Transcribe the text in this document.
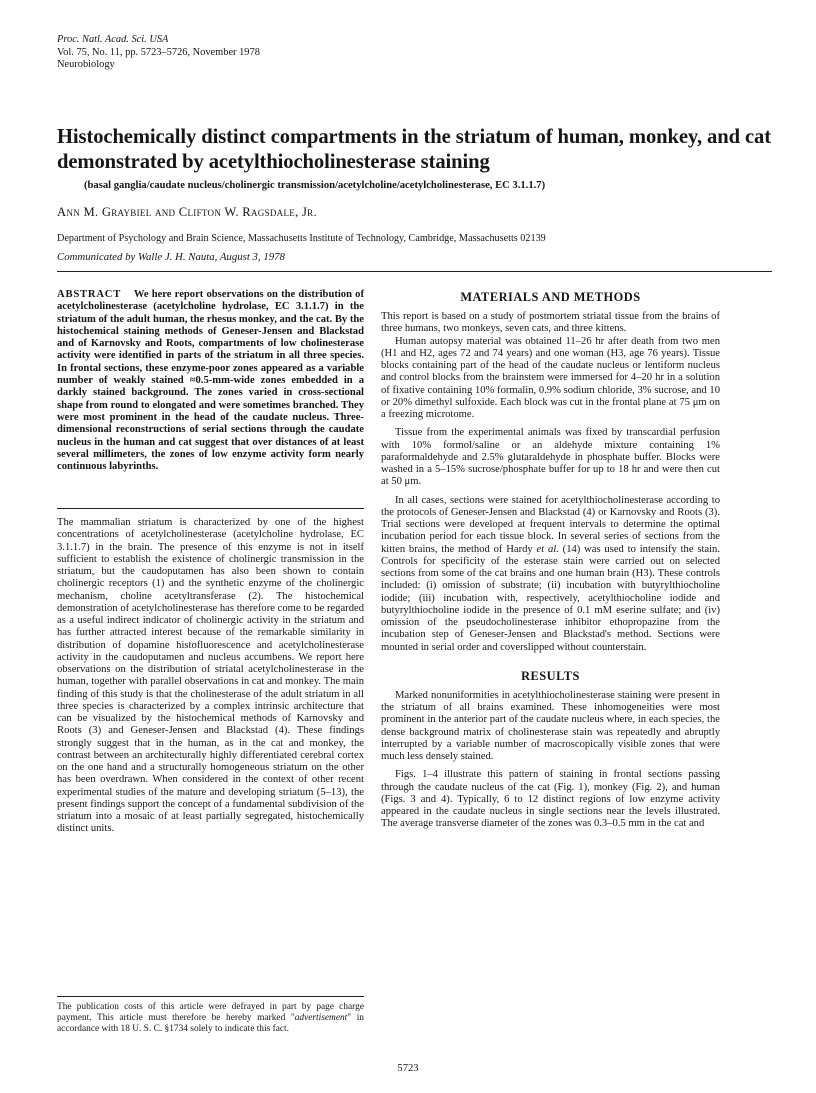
Proc. Natl. Acad. Sci. USA
Vol. 75, No. 11, pp. 5723–5726, November 1978
Neurobiology
Histochemically distinct compartments in the striatum of human, monkey, and cat demonstrated by acetylthiocholinesterase staining
(basal ganglia/caudate nucleus/cholinergic transmission/acetylcholine/acetylcholinesterase, EC 3.1.1.7)
Ann M. Graybiel and Clifton W. Ragsdale, Jr.
Department of Psychology and Brain Science, Massachusetts Institute of Technology, Cambridge, Massachusetts 02139
Communicated by Walle J. H. Nauta, August 3, 1978

ABSTRACT We here report observations on the distribution of acetylcholinesterase (acetylcholine hydrolase, EC 3.1.1.7) in the striatum of the adult human, the rhesus monkey, and the cat. By the histochemical staining methods of Geneser-Jensen and Blackstad and of Karnovsky and Roots, compartments of low cholinesterase activity were identified in parts of the striatum in all three species. In frontal sections, these enzyme-poor zones appeared as a variable number of weakly stained ≈0.5-mm-wide zones embedded in a darkly stained background. The zones varied in cross-sectional shape from round to elongated and were sometimes branched. They were most prominent in the head of the caudate nucleus. Three-dimensional reconstructions of serial sections through the caudate nucleus in the human and cat suggest that over distances of at least several millimeters, the zones of low enzyme activity form nearly continuous labyrinths.

The mammalian striatum is characterized by one of the highest concentrations of acetylcholinesterase (acetylcholine hydrolase, EC 3.1.1.7) in the brain. The presence of this enzyme is not in itself sufficient to establish the existence of cholinergic transmission in the striatum, but the caudoputamen has also been shown to contain cholinergic receptors (1) and the synthetic enzyme of the cholinergic mechanism, choline acetyltransferase (2). The histochemical demonstration of acetylcholinesterase has therefore come to be regarded as a useful indirect indicator of cholinergic activity in the striatum and has further attracted interest because of the remarkable similarity in distribution of dopamine histofluorescence and acetylcholinesterase activity in the caudoputamen and nucleus accumbens. We report here observations on the distribution of striatal acetylcholinesterase in the human, together with parallel observations in cat and monkey. The main finding of this study is that the cholinesterase of the adult striatum in all three species is characterized by a complex intrinsic architecture that can be visualized by the histochemical methods of Karnovsky and Roots (3) and Geneser-Jensen and Blackstad (4). These findings strongly suggest that in the human, as in the cat and monkey, the contrast between an architecturally highly differentiated cerebral cortex on the one hand and a structurally homogeneous striatum on the other has been overdrawn. When considered in the context of other recent experimental studies of the mature and developing striatum (5–13), the present findings support the concept of a fundamental subdivision of the striatum into a mosaic of at least partially segregated, histochemically distinct units.

The publication costs of this article were defrayed in part by page charge payment. This article must therefore be hereby marked "advertisement" in accordance with 18 U. S. C. §1734 solely to indicate this fact.

MATERIALS AND METHODS

This report is based on a study of postmortem striatal tissue from the brains of three humans, two monkeys, seven cats, and three kittens.

Human autopsy material was obtained 11–26 hr after death from two men (H1 and H2, ages 72 and 74 years) and one woman (H3, age 76 years). Tissue blocks containing part of the head of the caudate nucleus or lentiform nucleus and control blocks from the brainstem were immersed for 4–20 hr in a solution of fixative containing 10% formalin, 0.9% sodium chloride, 3% sucrose, and 10 or 20% dimethyl sulfoxide. Each block was cut in the frontal plane at 75 μm on a freezing microtome.

Tissue from the experimental animals was fixed by transcardial perfusion with 10% formol/saline or an aldehyde mixture containing 1% paraformaldehyde and 2.5% glutaraldehyde in phosphate buffer. Blocks were washed in a 5–15% sucrose/phosphate buffer for up to 18 hr and were then cut at 50 μm.

In all cases, sections were stained for acetylthiocholinesterase according to the protocols of Geneser-Jensen and Blackstad (4) or Karnovsky and Roots (3). Trial sections were developed at frequent intervals to determine the optimal incubation period for each tissue block. In several series of sections from the kitten brains, the method of Hardy et al. (14) was used to intensify the stain. Controls for specificity of the esterase stain were carried out on selected sections from some of the cat brains and one human brain (H3). These controls included: (i) omission of substrate; (ii) incubation with butyrylthiocholine iodide; (iii) incubation with, respectively, acetylthiocholine iodide and butyrylthiocholine iodide in the presence of 0.1 mM eserine sulfate; and (iv) omission of the pseudocholinesterase inhibitor ethopropazine from the incubation step of Geneser-Jensen and Blackstad's method. Sections were mounted in serial order and coverslipped without counterstain.

RESULTS

Marked nonuniformities in acetylthiocholinesterase staining were present in the striatum of all brains examined. These inhomogeneities were most prominent in the anterior part of the caudate nucleus where, in each species, the dense background matrix of cholinesterase stain was repeatedly and abruptly interrupted by a variable number of macroscopically visible zones that were much less densely stained.

Figs. 1–4 illustrate this pattern of staining in frontal sections passing through the caudate nucleus of the cat (Fig. 1), monkey (Fig. 2), and human (Figs. 3 and 4). Typically, 6 to 12 distinct regions of low enzyme activity appeared in the caudate nucleus in single sections near the levels illustrated. The average transverse diameter of the zones was 0.3–0.5 mm in the cat and

5723
